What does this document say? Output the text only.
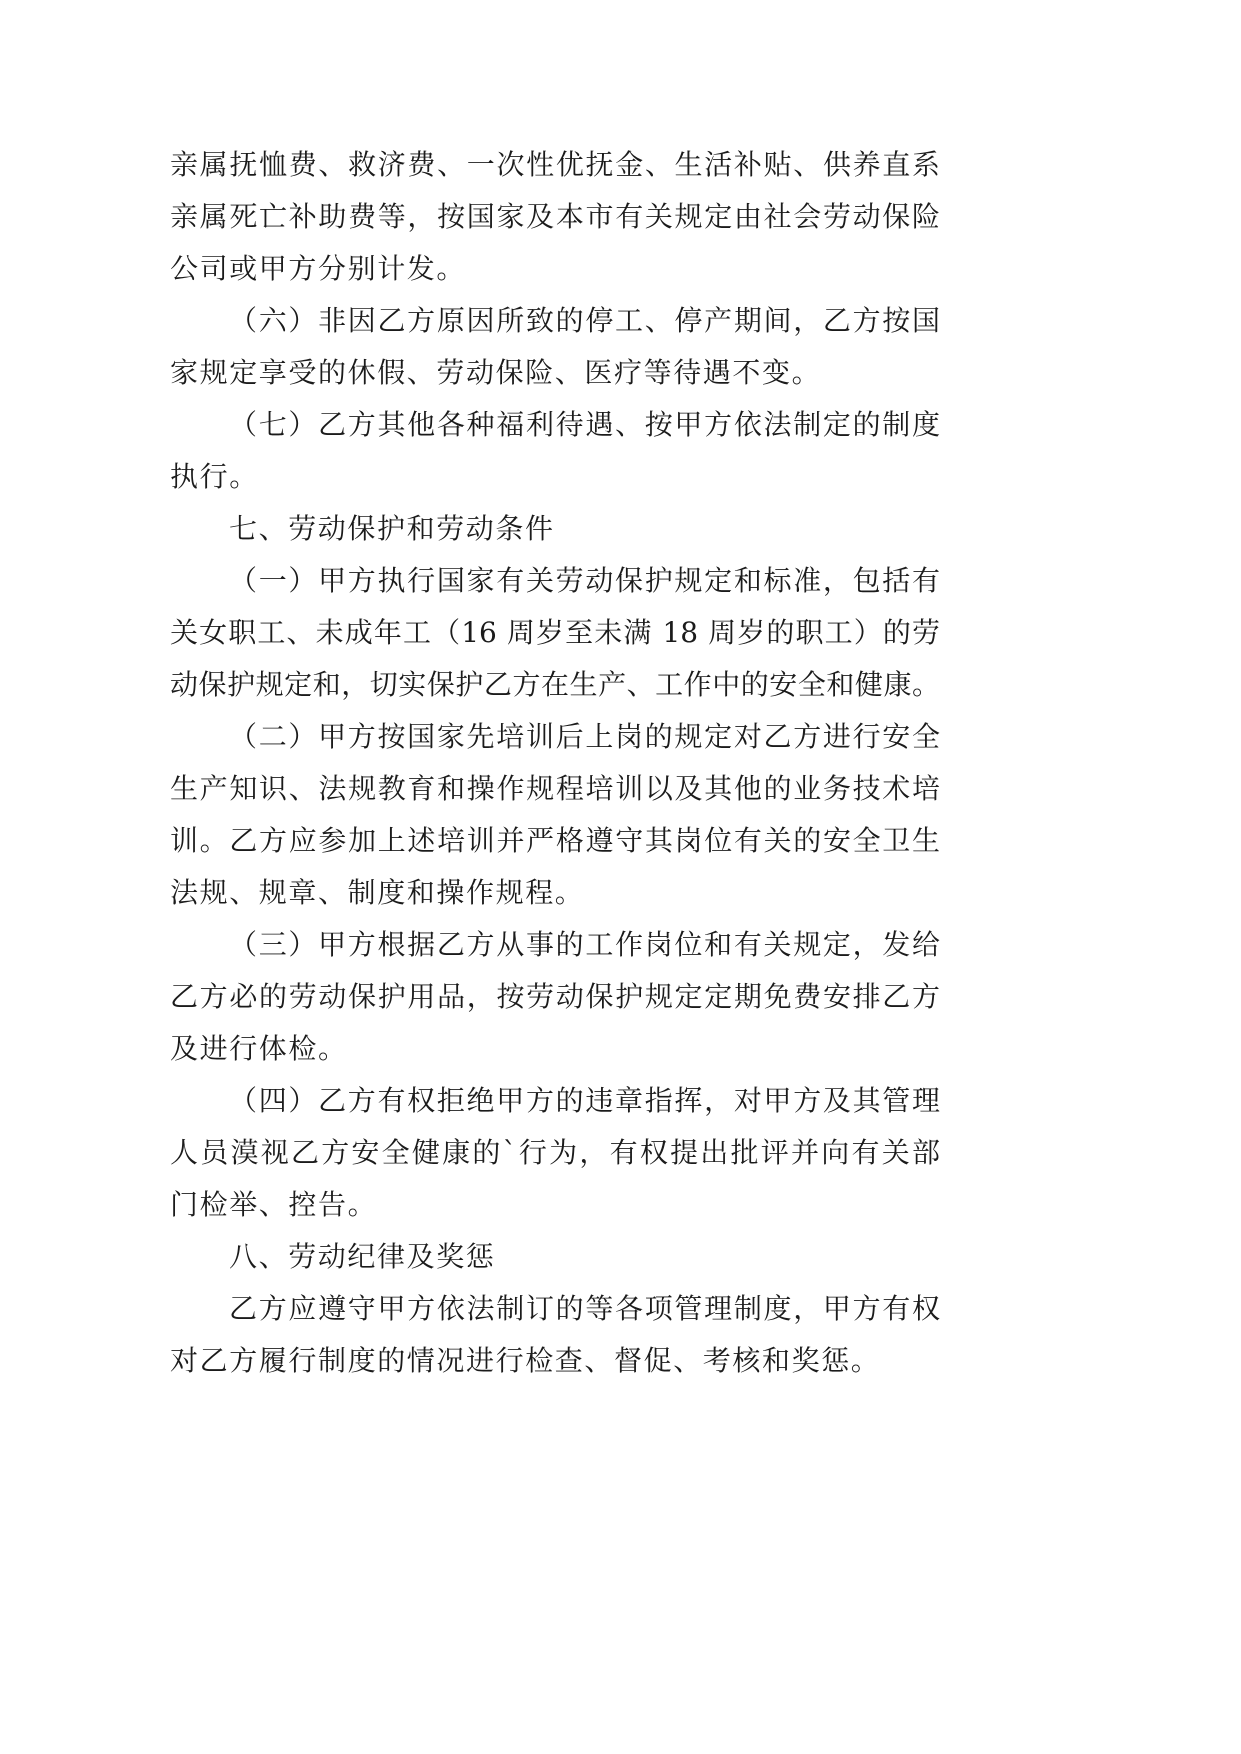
亲属抚恤费、救济费、一次性优抚金、生活补贴、供养直系
亲属死亡补助费等，按国家及本市有关规定由社会劳动保险
公司或甲方分别计发。
（六）非因乙方原因所致的停工、停产期间，乙方按国
家规定享受的休假、劳动保险、医疗等待遇不变。
（七）乙方其他各种福利待遇、按甲方依法制定的制度
执行。
七、劳动保护和劳动条件
（一）甲方执行国家有关劳动保护规定和标准，包括有
关女职工、未成年工（16 周岁至未满 18 周岁的职工）的劳
动保护规定和，切实保护乙方在生产、工作中的安全和健康。
（二）甲方按国家先培训后上岗的规定对乙方进行安全
生产知识、法规教育和操作规程培训以及其他的业务技术培
训。乙方应参加上述培训并严格遵守其岗位有关的安全卫生
法规、规章、制度和操作规程。
（三）甲方根据乙方从事的工作岗位和有关规定，发给
乙方必的劳动保护用品，按劳动保护规定定期免费安排乙方
及进行体检。
（四）乙方有权拒绝甲方的违章指挥，对甲方及其管理
人员漠视乙方安全健康的`行为，有权提出批评并向有关部
门检举、控告。
八、劳动纪律及奖惩
乙方应遵守甲方依法制订的等各项管理制度，甲方有权
对乙方履行制度的情况进行检查、督促、考核和奖惩。
